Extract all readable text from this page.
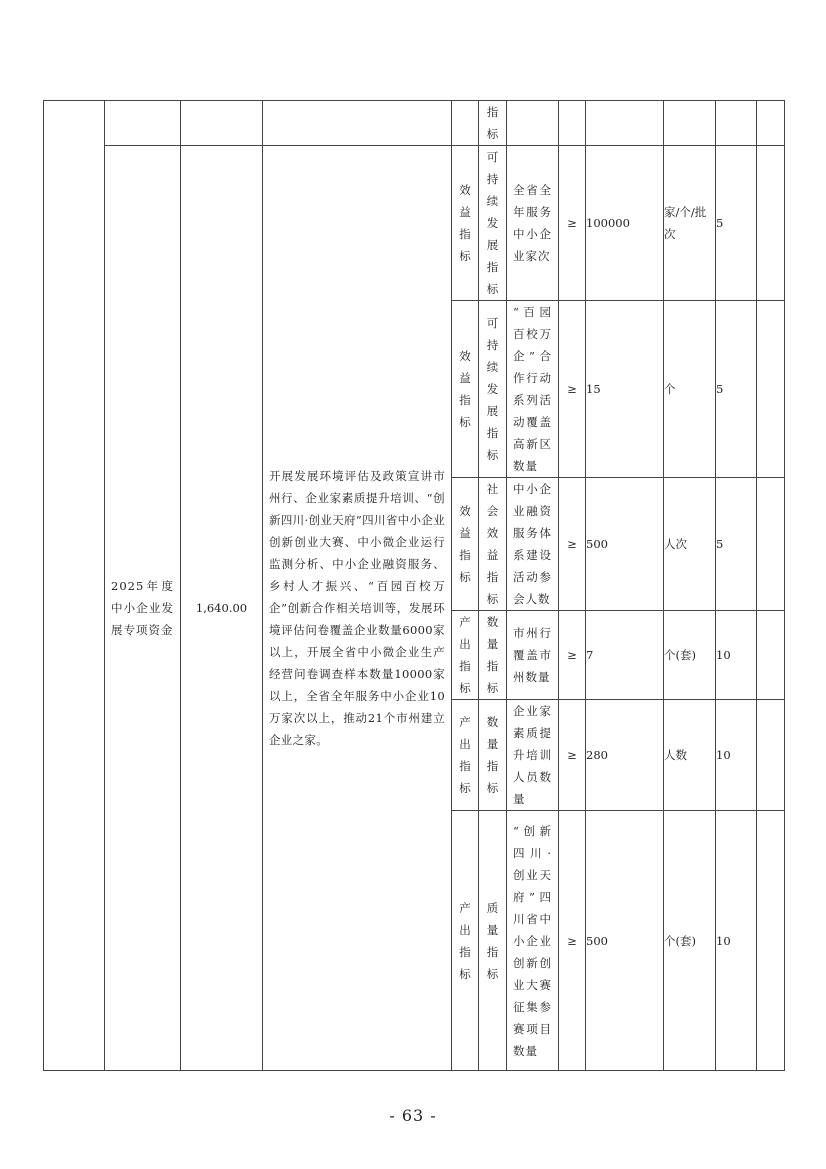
					指标						

	2025年度中小企业发展专项资金	1,640.00	开展发展环境评估及政策宣讲市州行、企业家素质提升培训、“创新四川·创业天府”四川省中小企业创新创业大赛、中小微企业运行监测分析、中小企业融资服务、乡村人才振兴、“百园百校万企”创新合作相关培训等，发展环境评估问卷覆盖企业数量6000家以上，开展全省中小微企业生产经营问卷调查样本数量10000家以上，全省全年服务中小企业10万家次以上，推动21个市州建立企业之家。	效益指标	可持续发展指标	全省全年服务中小企业家次	≥	100000	家/个/批次	5	

				效益指标	可持续发展指标	“百园百校万企”合作行动系列活动覆盖高新区数量	≥	15	个	5	

				效益指标	社会效益指标	中小企业融资服务体系建设活动参会人数	≥	500	人次	5	

				产出指标	数量指标	市州行覆盖市州数量	≥	7	个(套)	10	

				产出指标	数量指标	企业家素质提升培训人员数量	≥	280	人数	10	

				产出指标	质量指标	“创新四川·创业天府”四川省中小企业创新创业大赛征集参赛项目数量	≥	500	个(套)	10	
- 63 -
